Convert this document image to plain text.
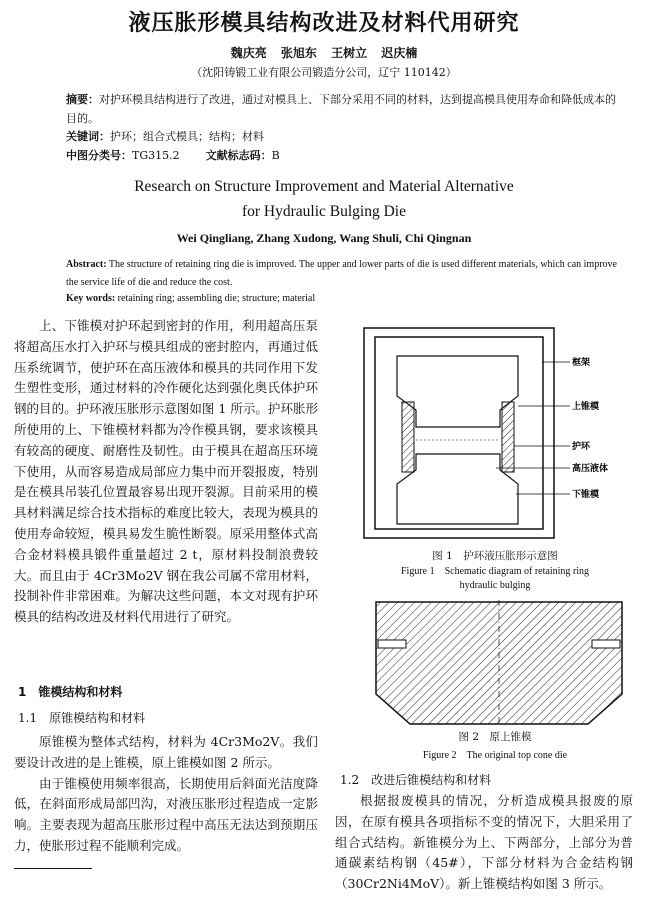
液压胀形模具结构改进及材料代用研究
魏庆亮 张旭东 王树立 迟庆楠
（沈阳铸锻工业有限公司锻造分公司，辽宁 110142）
摘要：对护环模具结构进行了改进，通过对模具上、下部分采用不同的材料，达到提高模具使用寿命和降低成本的目的。
关键词：护环；组合式模具；结构；材料
中图分类号：TG315.2 文献标志码：B
Research on Structure Improvement and Material Alternative
for Hydraulic Bulging Die
Wei Qingliang, Zhang Xudong, Wang Shuli, Chi Qingnan
Abstract: The structure of retaining ring die is improved. The upper and lower parts of die is used different materials, which can improve the service life of die and reduce the cost.
Key words: retaining ring; assembling die; structure; material

上、下锥模对护环起到密封的作用，利用超高压泵将超高压水打入护环与模具组成的密封腔内，再通过低压系统调节，使护环在高压液体和模具的共同作用下发生塑性变形，通过材料的冷作硬化达到强化奥氏体护环钢的目的。护环液压胀形示意图如图 1 所示。护环胀形所使用的上、下锥模材料都为冷作模具钢，要求该模具有较高的硬度、耐磨性及韧性。由于模具在超高压环境下使用，从而容易造成局部应力集中而开裂报废，特别是在模具吊装孔位置最容易出现开裂源。目前采用的模具材料满足综合技术指标的难度比较大，表现为模具的使用寿命较短，模具易发生脆性断裂。原采用整体式高合金材料模具锻件重量超过 2 t，原材料投制浪费较大。而且由于 4Cr3Mo2V 钢在我公司属不常用材料，投制补件非常困难。为解决这些问题，本文对现有护环模具的结构改进及材料代用进行了研究。

1　锥模结构和材料
1.1　原锥模结构和材料

原锥模为整体式结构，材料为 4Cr3Mo2V。我们要设计改进的是上锥模，原上锥模如图 2 所示。

由于锥模使用频率很高，长期使用后斜面光洁度降低，在斜面形成局部凹沟，对液压胀形过程造成一定影响。主要表现为超高压胀形过程中高压无法达到预期压力，使胀形过程不能顺利完成。

框架
上锥模
护环
高压液体
下锥模
图 1　护环液压胀形示意图
Figure 1　Schematic diagram of retaining ring
hydraulic bulging
图 2　原上锥模
Figure 2　The original top cone die
1.2　改进后锥模结构和材料

根据报废模具的情况，分析造成模具报废的原因，在原有模具各项指标不变的情况下，大胆采用了组合式结构。新锥模分为上、下两部分，上部分为普通碳素结构钢（45#），下部分材料为合金结构钢（30Cr2Ni4MoV）。新上锥模结构如图 3 所示。
